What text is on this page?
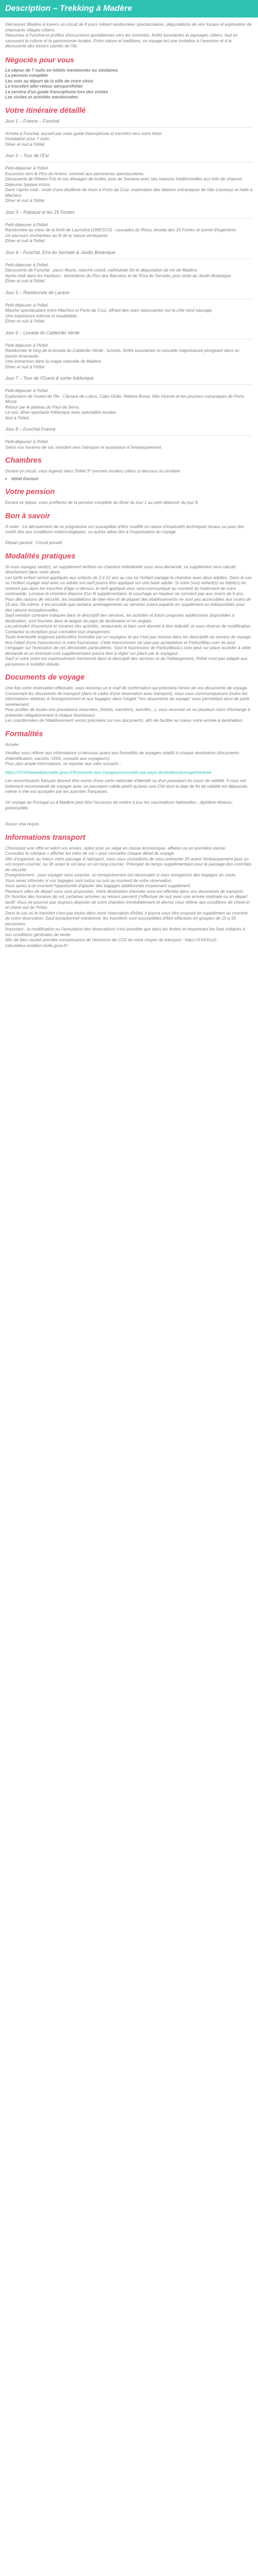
Description – Trekking à Madère

Découvrez Madère à travers un circuit de 8 jours mêlant randonnées spectaculaires, dégustations de vins locaux et exploration de charmants villages côtiers.
Séjournez à Funchal et profitez d'excursions quotidiennes vers les sommets, forêts luxuriantes et paysages côtiers, tout en savourant la culture et la gastronomie locales. Entre nature et traditions, ce voyage est une invitation à l'aventure et à la découverte des trésors cachés de l'île.

Négociés pour vous

Le séjour de 7 nuits en hôtels mentionnés ou similaires
La pension complète
Les vols au départ de la ville de votre choix
Le transfert aller-retour aéroport/hôtel
Le service d'un guide francophone lors des visites
Les visites et activités mentionnées

Votre itinéraire détaillé

Jour 1 – France – Funchal

Arrivée à Funchal, accueil par votre guide francophone et transfert vers votre hôtel.
Installation pour 7 nuits.
Dîner et nuit à l'hôtel.

Jour 2 – Tour de l'Est

Petit-déjeuner à l'hôtel.
Excursion vers le Pico do Arieiro, sommet aux panoramas spectaculaires.
Découverte de Ribeiro Frio et ses élevages de truites, puis de Santana avec ses maisons traditionnelles aux toits de chaume.
Déjeuner typique inclus.
Dans l'après-midi : visite d'une distillerie de rhum à Porto da Cruz, exploration des falaises volcaniques de São Lourenço et halte à Machico.
Dîner et nuit à l'hôtel.

Jour 3 – Rabaçal et les 25 Fontes

Petit-déjeuner à l'hôtel.
Randonnée au cœur de la forêt de Laurisilva (UNESCO) : cascades du Risco, levada des 25 Fontes et tunnel d'ingénierie.
Un parcours enchanteur au fil de la nature verdoyante.
Dîner et nuit à l'hôtel.

Jour 4 – Funchal, Eira do Serrado & Jardin Botanique

Petit-déjeuner à l'hôtel.
Découverte de Funchal : parcs fleuris, marché coloré, cathédrale Sé et dégustation de vin de Madère.
Après-midi dans les hauteurs : belvédères du Pico dos Barcelos et de l'Eira do Serrado, puis visite du Jardin Botanique.
Dîner et nuit à l'hôtel.

Jour 5 – Randonnée de Larano

Petit-déjeuner à l'hôtel.
Marche spectaculaire entre Machico et Porto da Cruz, offrant des vues saisissantes sur la côte nord sauvage.
Une expérience intense et inoubliable.
Dîner et nuit à l'hôtel.

Jour 6 – Levada do Caldeirão Verde

Petit-déjeuner à l'hôtel.
Randonnée le long de la levada du Caldeirão Verde : tunnels, forêts luxuriantes et cascade majestueuse plongeant dans un bassin émeraude.
Une immersion dans la magie naturelle de Madère.
Dîner et nuit à l'hôtel.

Jour 7 – Tour de l'Ouest & sortie folklorique

Petit-déjeuner à l'hôtel.
Exploration de l'ouest de l'île : Câmara de Lobos, Cabo Girão, Ribeira Brava, São Vicente et les piscines volcaniques de Porto Moniz.
Retour par le plateau du Paul da Serra.
Le soir, dîner-spectacle folklorique avec spécialités locales.
Nuit à l'hôtel.

Jour 8 – Funchal France

Petit-déjeuner à l'hôtel.
Selon vos horaires de vol, transfert vers l'aéroport et assistance à l'embarquement.

Chambres

Durant ce circuit, vous logerez dans l'hôtel 3* (normes locales) citées ci-dessous ou similaire :

• Hôtel Dorisol
Votre pension

Durant ce séjour, vous profiterez de la pension complète du dîner du jour 1 au petit déjeuner du jour 8

Bon à savoir

À noter : Le déroulement de ce programme est susceptible d'être modifié en raison d'impératifs techniques locaux ou pour des motifs liés aux conditions météorologiques, ou autres aléas liés à l'organisation du voyage.

Départ garanti : Circuit privatif

Modalités pratiques

Si vous voyagez seul(e), un supplément tarifaire en chambre individuelle vous sera demandé, ce supplément sera calculé directement dans votre devis.
Les tarifs enfant seront appliqués aux enfants de 2 à 12 ans au cas où l'enfant partage la chambre avec deux adultes. Dans le cas où l'enfant voyage seul avec un adulte son tarif pourra être appliqué sur une base adulte. Si votre (vos) enfant(s) ou bébé(s) ne rentrent pas dans les tranches d'âge ci-dessus, le tarif appliqué vous sera communiqué au moment du traitement de votre commande. Lorsque la chambre dispose d'un lit supplémentaire, le couchage en hauteur ne convient pas aux moins de 6 ans.
Pour des raisons de sécurité, les installations de bien-être et de plupart des établissements ne sont pas accessibles aux moins de 16 ans. De même, il est possible que certains aménagements ou services soient payants en supplément ou indisponibles pour des raisons exceptionnelles.
Sauf mention contraire indiquée dans le descriptif des services, les activités et loisirs proposés additionnels disponibles à destination, sont fournies dans la langue du pays de destination et en anglais.
Les périodes d'ouverture et horaires des activités, restaurants et bars sont donnés à titre indicatif, et sous réserve de modification. Contactez la réception pour connaître tout changement.
Toute éventuelle exigence particulière formulée par un voyageur et qui n'est pas incluse dans les descriptifs du service de voyage, fera l'objet d'une transmission à notre fournisseur. Cette transmission ne vaut pas acceptation et Partirzlilitas.com ne peut s'engager sur l'exécution de ces demandes particulières. Seul le fournisseur de PartirzlilitasLc.com peut sur place accéder à cette demande et un éventuel coût supplémentaire pourra être à régler sur place par le voyageur.
Sauf si votre ordre est expressément mentionné dans le descriptif des services et de l'hébergement, l'hôtel n'est pas adapté aux personnes à mobilité réduite.

Documents de voyage

Une fois votre réservation effectuée, vous recevrez un e-mail de confirmation qui précisera l'envoi de vos documents de voyage.
Concernant les documents de transport (dans le cadre d'une réservation avec transport), nous vous communiquerons toutes les informations relatives à l'enregistrement et aux bagages dans l'onglet "Vos documents de voyage" vous permettant ainsi de partir sereinement.
Pour profiter de toutes nos prestations réservées, (hôtels, transferts, activités...), vous recevrez un ou plusieurs bons d'échange à présenter obligatoirement à chaque fournisseur.
Les coordonnées de l'établissement seront précisées sur ces documents, afin de faciliter au mieux votre arrivée à destination.

Formalités

Arrivée

Veuillez vous référer aux informations ci-dessous quant aux formalités de voyages relatifs à chaque destination (documents d'identification, vaccins, VISA, conseils aux voyageurs).
Pour plus ample informations, se reporter aux sites suivants :

https://XXXXwwwdiplomatie.gouv.fr/fr/conseils-aux-voyageurs/conseils-par-pays-destination/portugal/#entree

Les ressortissants français doivent être munis d'une carte nationale d'identité ou d'un passeport en cours de validité. Il vous est fortement recommandé de voyager avec un passeport valide plutôt qu'avec une CNI dont la date de fin de validité est dépassée, même si elle est acceptée par les autorités françaises.

Un voyage au Portugal ou à Madère peut être l'occasion de mettre à jour les vaccinations habituelles : diphtérie-tétanos-poliomyélite.

Aucun visa requis

Informations transport

Choisissez une offre et selon vos envies, optez pour un siège en classe économique, affaires ou en première classe.
Consultez la rubrique « afficher les infos de vol » pour connaître chaque détail du voyage.
Afin d'organiser au mieux votre passage à l'aéroport, nous vous conseillons de vous présenter 2h avant l'embarquement pour un vol moyen-courrier, ou 3h avant le vol pour un vol long-courrier. Prévoyez du temps supplémentaire pour le passage des contrôles de sécurité.
Enregistrement : pour voyager sans surprise, un enregistrement est nécessaire si vous enregistrez des bagages en soute.
Vous serez informés si vos bagages sont inclus ou non au moment de votre réservation.
Vous aurez à ce moment l'opportunité d'ajouter des bagages additionnels moyennant supplément.
Plusieurs villes de départ vous sont proposées. Votre destination d'arrivée vous est affichée dans vos documents de transport.
En fonction des horaires de vol, certaines arrivées ou retours peuvent s'effectuer de nuit avec une arrivée matinale ou un départ tardif. Vous ne pourrez pas toujours disposer de votre chambre immédiatement et devrez vous référer aux conditions de check-in et check-out de l'hôtel.
Dans le cas où le transfert n'est pas inclus dans votre réservation d'hôtel, il pourra vous être proposé en supplément au moment de votre réservation. Sauf exceptionnel mentionné, les transferts sont susceptibles d'être effectués en groupes de 15 à 55 personnes.
Important : la modification ou l'annulation des réservations n'est possible que dans les limites et moyennant les frais indiqués à nos conditions générales de vente.
Afin de bien vouloir prendre connaissance de l'émission de CO2 de votre moyen de transport : https://XXXXco2-calculateur.aviation-civile.gouv.fr/
